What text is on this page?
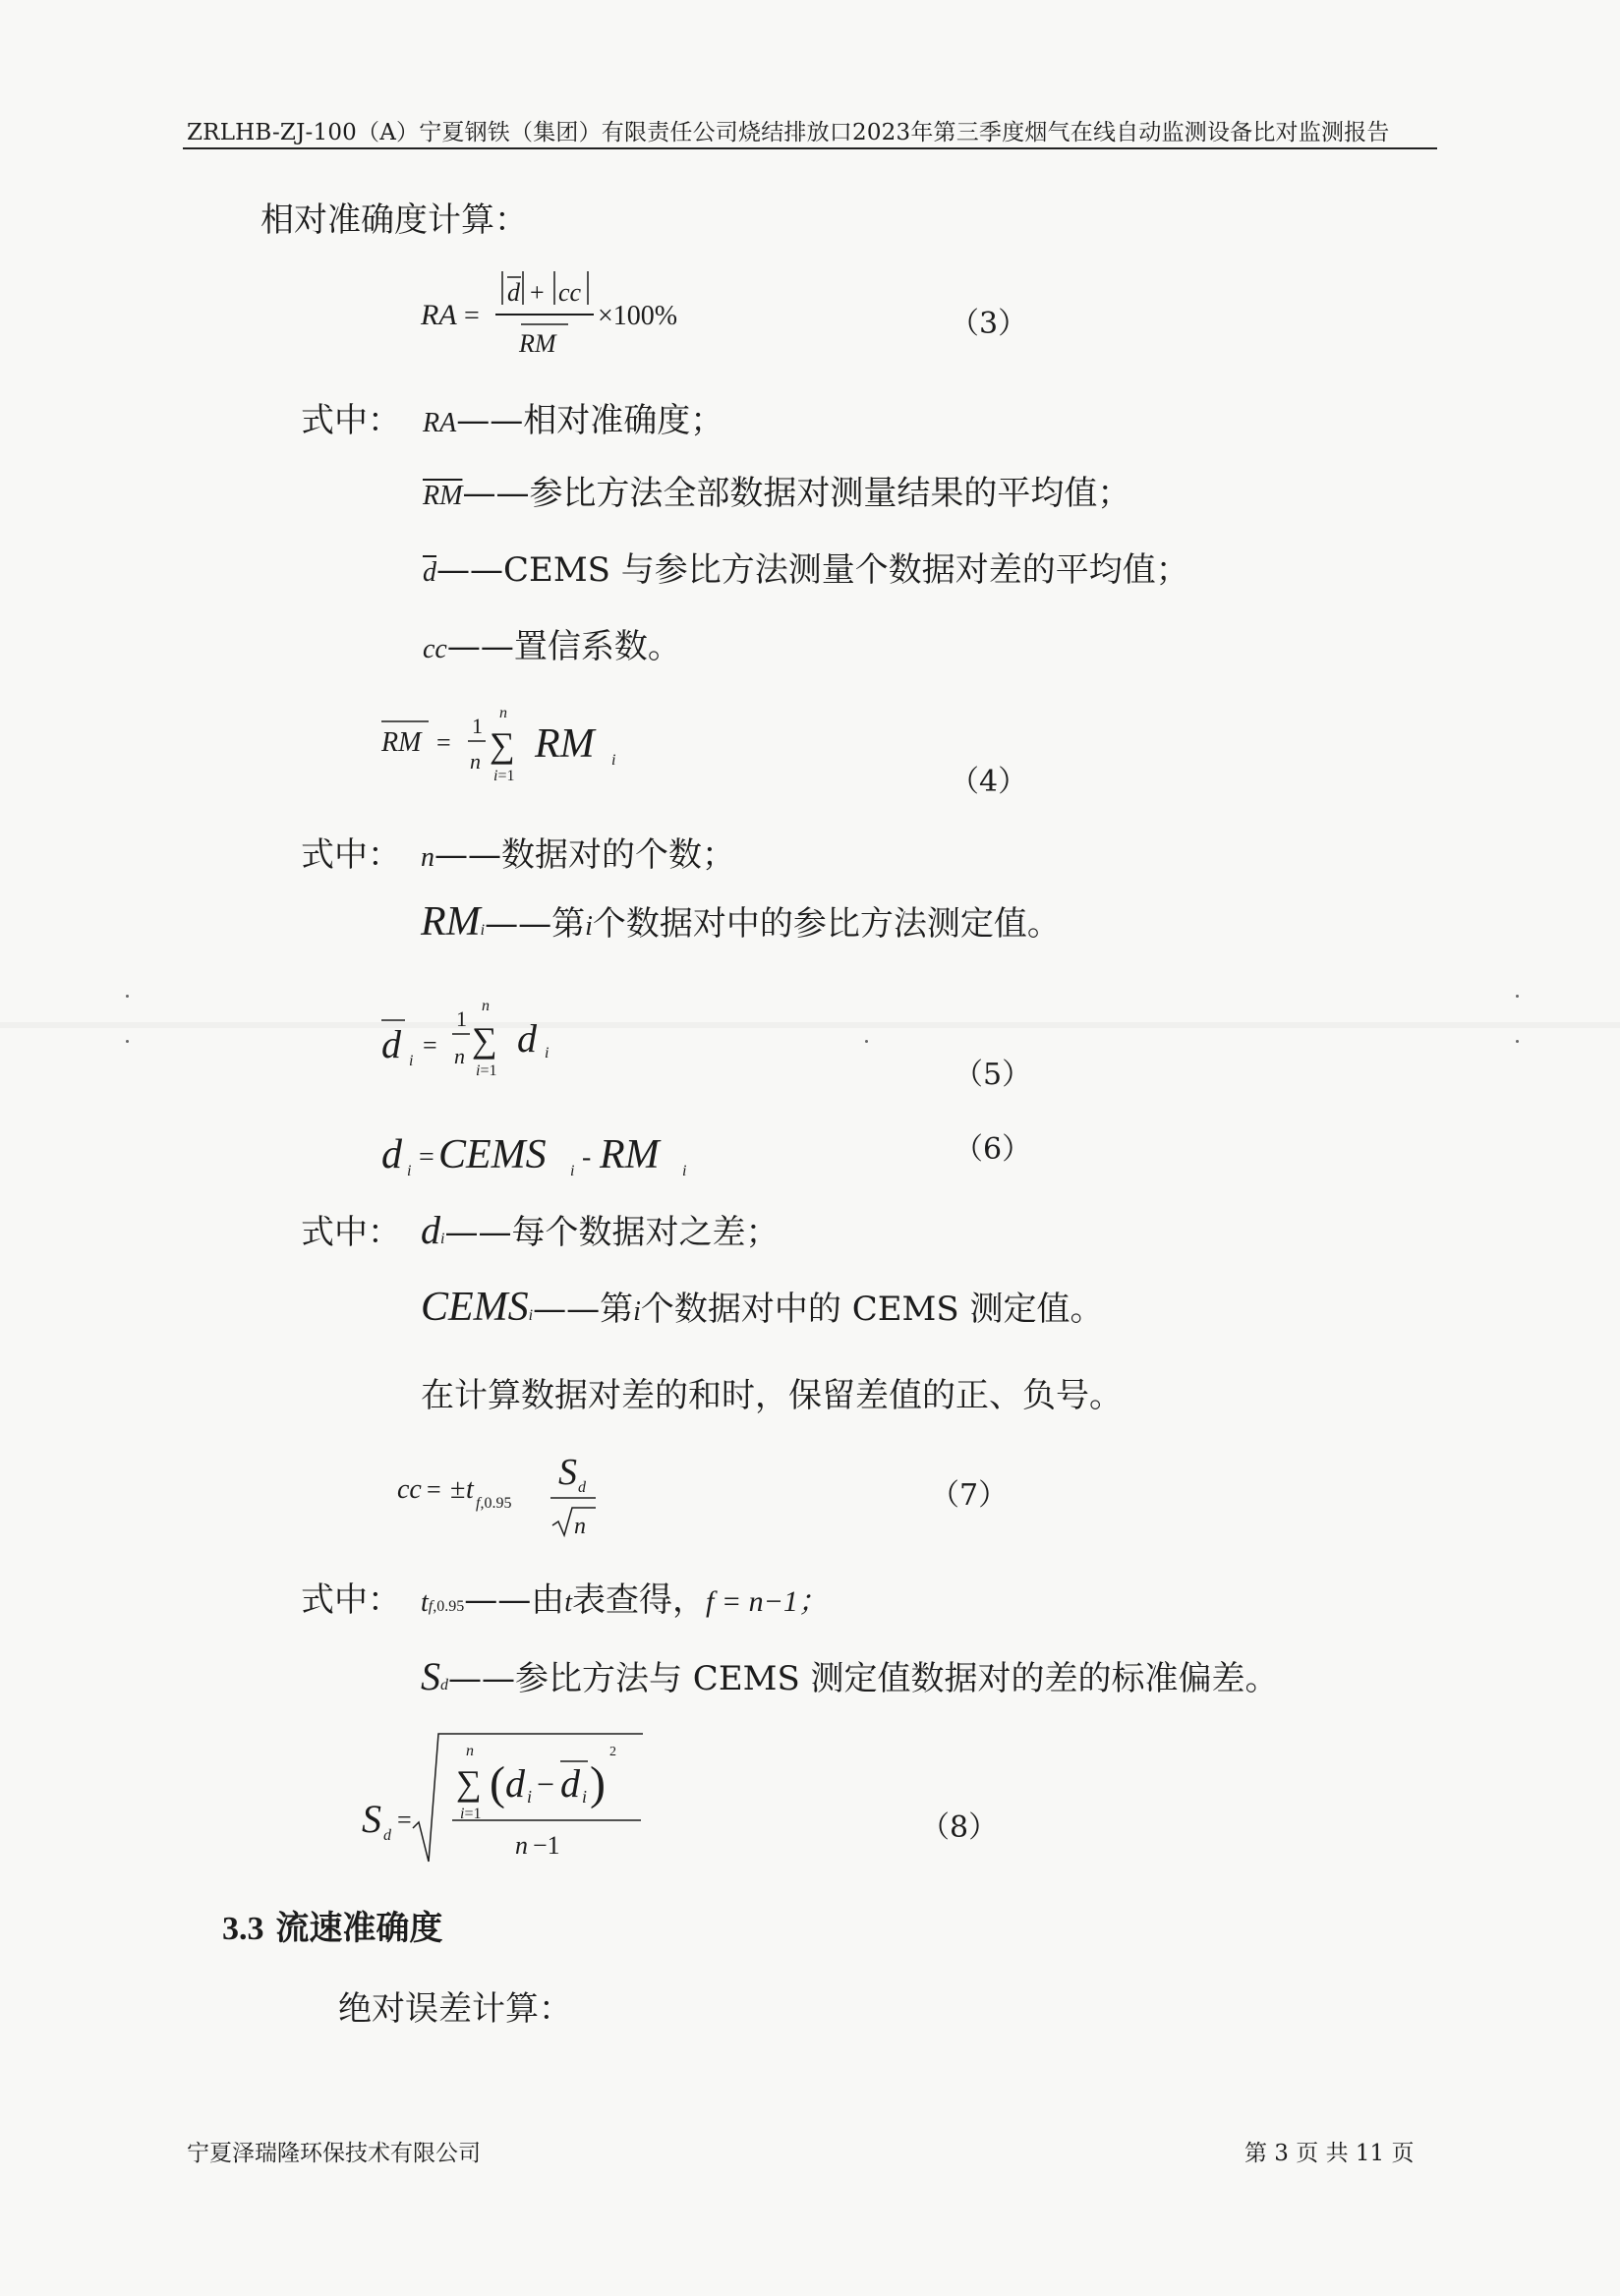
ZRLHB-ZJ-100（A）宁夏钢铁（集团）有限责任公司烧结排放口2023年第三季度烟气在线自动监测设备比对监测报告
相对准确度计算：
RA =
d + cc
RM
×100%	（3）
式中： RA——相对准确度；
$\overline{RM}——$参比方法全部数据对测量结果的平均值；
$\overline{d}——CEMS$ 与参比方法测量个数据对差的平均值；
cc——置信系数。
RM =
1
n
n
∑
i=1
RM i
（4）
式中： n——数据对的个数；
RMi——第i个数据对中的参比方法测定值。
d i
=
1
n
n
∑
i=1
d i
（5）
d i = CEMS i - RM i
（6）
式中： di——每个数据对之差；
CEMSi——第i个数据对中的 CEMS 测定值。
在计算数据对差的和时，保留差值的正、负号。
cc = ± t f,0.95
S d
n
（7）
式中： tf,0.95——由t表查得，f = n−1；
Sd——参比方法与 CEMS 测定值数据对的差的标准偏差。
S d
=
n
∑
i=1
( d i − d i )
2
n −1
（8）
3.3 流速准确度
绝对误差计算：
宁夏泽瑞隆环保技术有限公司	第 3 页 共 11 页
